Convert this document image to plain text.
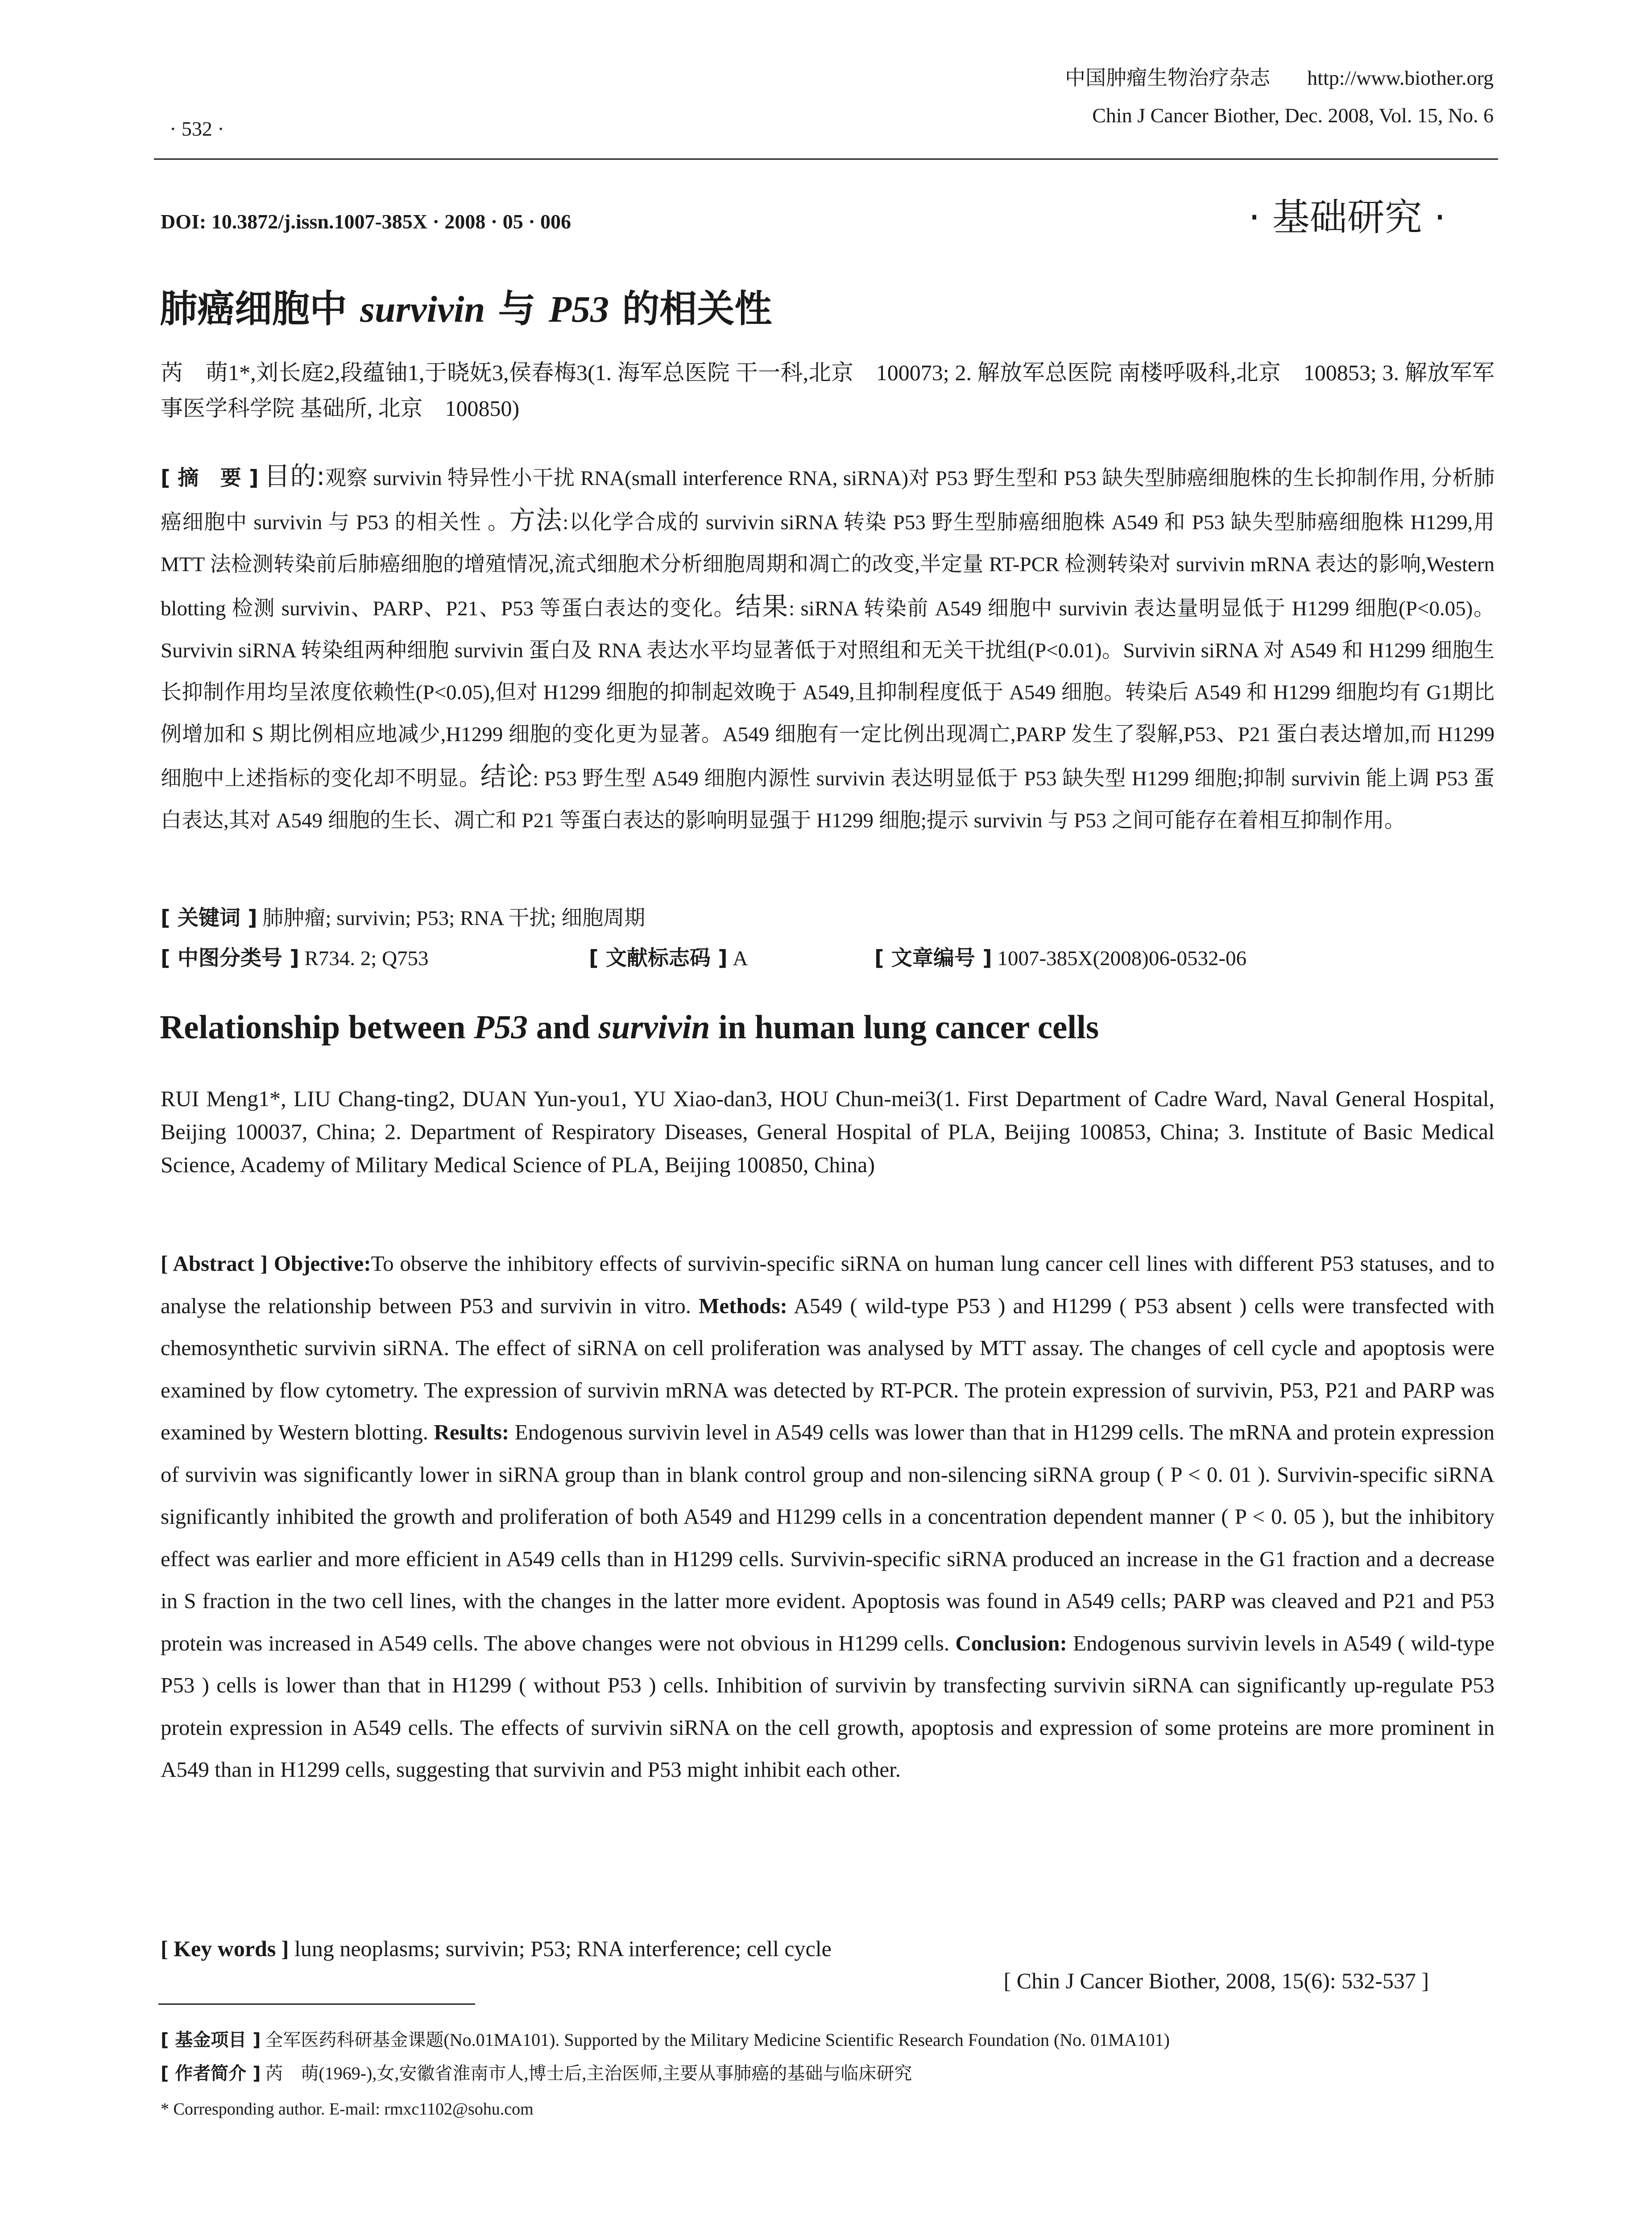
中国肿瘤生物治疗杂志 http://www.biother.org
Chin J Cancer Biother, Dec. 2008, Vol. 15, No. 6
· 532 ·
DOI: 10.3872/j.issn.1007-385X · 2008 · 05 · 006	· 基础研究 ·
肺癌细胞中 survivin 与 P53 的相关性
芮　萌1*,刘长庭2,段蕴铀1,于晓妩3,侯春梅3(1. 海军总医院 干一科,北京　100073; 2. 解放军总医院 南楼呼吸科,北京　100853; 3. 解放军军事医学科学院 基础所, 北京　100850)
[ 摘　要 ] 目的:观察 survivin 特异性小干扰 RNA(small interference RNA, siRNA)对 P53 野生型和 P53 缺失型肺癌细胞株的生长抑制作用, 分析肺癌细胞中 survivin 与 P53 的相关性 。方法:以化学合成的 survivin siRNA 转染 P53 野生型肺癌细胞株 A549 和 P53 缺失型肺癌细胞株 H1299,用 MTT 法检测转染前后肺癌细胞的增殖情况,流式细胞术分析细胞周期和凋亡的改变,半定量 RT-PCR 检测转染对 survivin mRNA 表达的影响,Western blotting 检测 survivin、PARP、P21、P53 等蛋白表达的变化。结果: siRNA 转染前 A549 细胞中 survivin 表达量明显低于 H1299 细胞(P<0.05)。Survivin siRNA 转染组两种细胞 survivin 蛋白及 RNA 表达水平均显著低于对照组和无关干扰组(P<0.01)。Survivin siRNA 对 A549 和 H1299 细胞生长抑制作用均呈浓度依赖性(P<0.05),但对 H1299 细胞的抑制起效晚于 A549,且抑制程度低于 A549 细胞。转染后 A549 和 H1299 细胞均有 G1期比例增加和 S 期比例相应地减少,H1299 细胞的变化更为显著。A549 细胞有一定比例出现凋亡,PARP 发生了裂解,P53、P21 蛋白表达增加,而 H1299 细胞中上述指标的变化却不明显。结论: P53 野生型 A549 细胞内源性 survivin 表达明显低于 P53 缺失型 H1299 细胞;抑制 survivin 能上调 P53 蛋白表达,其对 A549 细胞的生长、凋亡和 P21 等蛋白表达的影响明显强于 H1299 细胞;提示 survivin 与 P53 之间可能存在着相互抑制作用。
[ 关键词 ] 肺肿瘤; survivin; P53; RNA 干扰; 细胞周期
[ 中图分类号 ] R734. 2; Q753	[ 文献标志码 ] A	[ 文章编号 ] 1007-385X(2008)06-0532-06
Relationship between P53 and survivin in human lung cancer cells
RUI Meng1*, LIU Chang-ting2, DUAN Yun-you1, YU Xiao-dan3, HOU Chun-mei3(1. First Department of Cadre Ward, Naval General Hospital, Beijing 100037, China; 2. Department of Respiratory Diseases, General Hospital of PLA, Beijing 100853, China; 3. Institute of Basic Medical Science, Academy of Military Medical Science of PLA, Beijing 100850, China)
[ Abstract ] Objective:To observe the inhibitory effects of survivin-specific siRNA on human lung cancer cell lines with different P53 statuses, and to analyse the relationship between P53 and survivin in vitro. Methods: A549 ( wild-type P53 ) and H1299 ( P53 absent ) cells were transfected with chemosynthetic survivin siRNA. The effect of siRNA on cell proliferation was analysed by MTT assay. The changes of cell cycle and apoptosis were examined by flow cytometry. The expression of survivin mRNA was detected by RT-PCR. The protein expression of survivin, P53, P21 and PARP was examined by Western blotting. Results: Endogenous survivin level in A549 cells was lower than that in H1299 cells. The mRNA and protein expression of survivin was significantly lower in siRNA group than in blank control group and non-silencing siRNA group ( P < 0. 01 ). Survivin-specific siRNA significantly inhibited the growth and proliferation of both A549 and H1299 cells in a concentration dependent manner ( P < 0. 05 ), but the inhibitory effect was earlier and more efficient in A549 cells than in H1299 cells. Survivin-specific siRNA produced an increase in the G1 fraction and a decrease in S fraction in the two cell lines, with the changes in the latter more evident. Apoptosis was found in A549 cells; PARP was cleaved and P21 and P53 protein was increased in A549 cells. The above changes were not obvious in H1299 cells. Conclusion: Endogenous survivin levels in A549 ( wild-type P53 ) cells is lower than that in H1299 ( without P53 ) cells. Inhibition of survivin by transfecting survivin siRNA can significantly up-regulate P53 protein expression in A549 cells. The effects of survivin siRNA on the cell growth, apoptosis and expression of some proteins are more prominent in A549 than in H1299 cells, suggesting that survivin and P53 might inhibit each other.
[ Key words ] lung neoplasms; survivin; P53; RNA interference; cell cycle
[ Chin J Cancer Biother, 2008, 15(6): 532-537 ]
[ 基金项目 ] 全军医药科研基金课题(No.01MA101). Supported by the Military Medicine Scientific Research Foundation (No. 01MA101)
[ 作者简介 ] 芮　萌(1969-),女,安徽省淮南市人,博士后,主治医师,主要从事肺癌的基础与临床研究
* Corresponding author. E-mail: rmxc1102@sohu.com
